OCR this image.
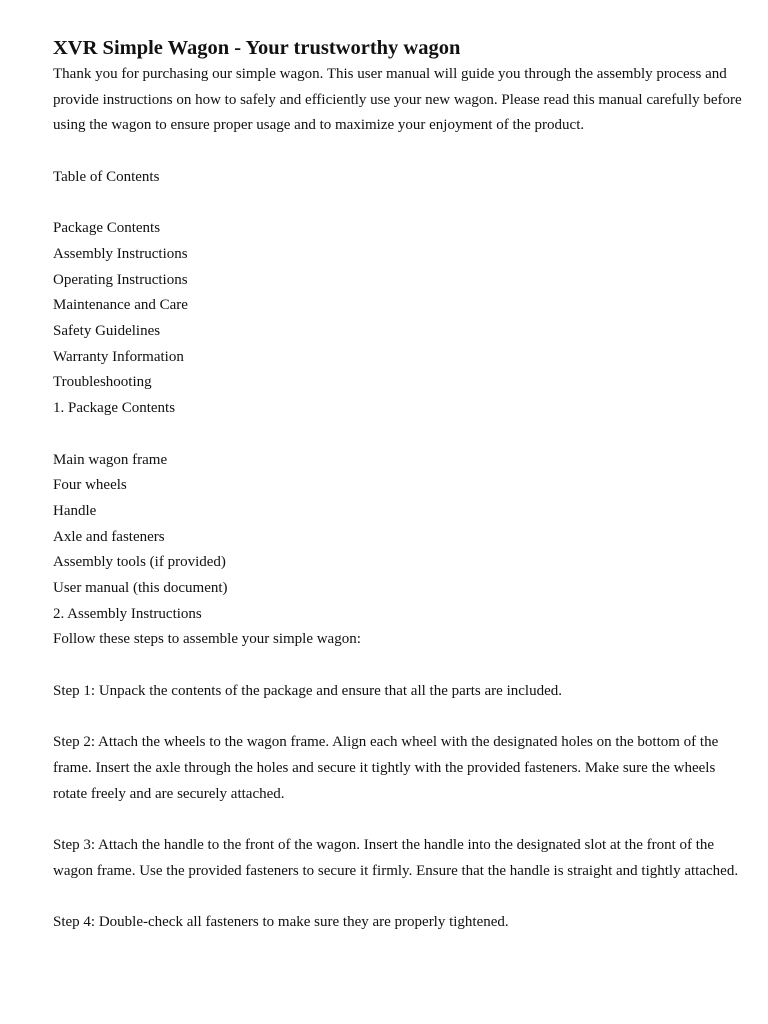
XVR Simple Wagon - Your trustworthy wagon

Thank you for purchasing our simple wagon. This user manual will guide you through the assembly process and provide instructions on how to safely and efficiently use your new wagon. Please read this manual carefully before using the wagon to ensure proper usage and to maximize your enjoyment of the product.

Table of Contents

Package Contents

Assembly Instructions

Operating Instructions

Maintenance and Care

Safety Guidelines

Warranty Information

Troubleshooting

1. Package Contents

Main wagon frame

Four wheels

Handle

Axle and fasteners

Assembly tools (if provided)

User manual (this document)

2. Assembly Instructions

Follow these steps to assemble your simple wagon:

Step 1: Unpack the contents of the package and ensure that all the parts are included.

Step 2: Attach the wheels to the wagon frame. Align each wheel with the designated holes on the bottom of the frame. Insert the axle through the holes and secure it tightly with the provided fasteners. Make sure the wheels rotate freely and are securely attached.

Step 3: Attach the handle to the front of the wagon. Insert the handle into the designated slot at the front of the wagon frame. Use the provided fasteners to secure it firmly. Ensure that the handle is straight and tightly attached.

Step 4: Double-check all fasteners to make sure they are properly tightened.
